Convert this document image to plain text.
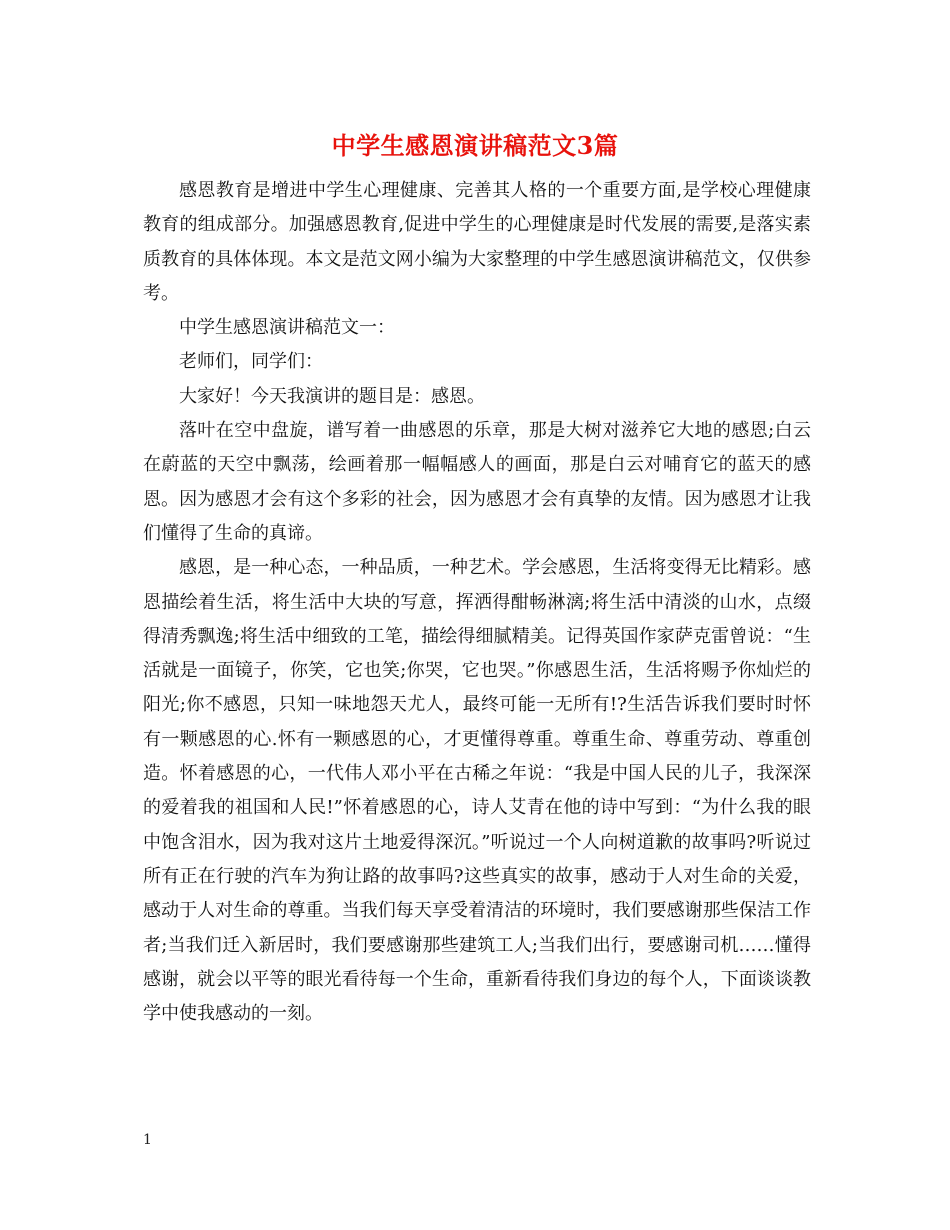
中学生感恩演讲稿范文3篇

感恩教育是增进中学生心理健康、完善其人格的一个重要方面,是学校心理健康教育的组成部分。加强感恩教育,促进中学生的心理健康是时代发展的需要,是落实素质教育的具体体现。本文是范文网小编为大家整理的中学生感恩演讲稿范文，仅供参考。

中学生感恩演讲稿范文一：

老师们，同学们：

大家好！今天我演讲的题目是：感恩。

落叶在空中盘旋，谱写着一曲感恩的乐章，那是大树对滋养它大地的感恩;白云在蔚蓝的天空中飘荡，绘画着那一幅幅感人的画面，那是白云对哺育它的蓝天的感恩。因为感恩才会有这个多彩的社会，因为感恩才会有真挚的友情。因为感恩才让我们懂得了生命的真谛。

感恩，是一种心态，一种品质，一种艺术。学会感恩，生活将变得无比精彩。感恩描绘着生活，将生活中大块的写意，挥洒得酣畅淋漓;将生活中清淡的山水，点缀得清秀飘逸;将生活中细致的工笔，描绘得细腻精美。记得英国作家萨克雷曾说：“生活就是一面镜子，你笑，它也笑;你哭，它也哭。”你感恩生活，生活将赐予你灿烂的阳光;你不感恩，只知一味地怨天尤人，最终可能一无所有!?生活告诉我们要时时怀有一颗感恩的心.怀有一颗感恩的心，才更懂得尊重。尊重生命、尊重劳动、尊重创造。怀着感恩的心，一代伟人邓小平在古稀之年说：“我是中国人民的儿子，我深深的爱着我的祖国和人民!”怀着感恩的心，诗人艾青在他的诗中写到：“为什么我的眼中饱含泪水，因为我对这片土地爱得深沉。”听说过一个人向树道歉的故事吗?听说过所有正在行驶的汽车为狗让路的故事吗?这些真实的故事，感动于人对生命的关爱，感动于人对生命的尊重。当我们每天享受着清洁的环境时，我们要感谢那些保洁工作者;当我们迁入新居时，我们要感谢那些建筑工人;当我们出行，要感谢司机……懂得感谢，就会以平等的眼光看待每一个生命，重新看待我们身边的每个人，下面谈谈教学中使我感动的一刻。

1
